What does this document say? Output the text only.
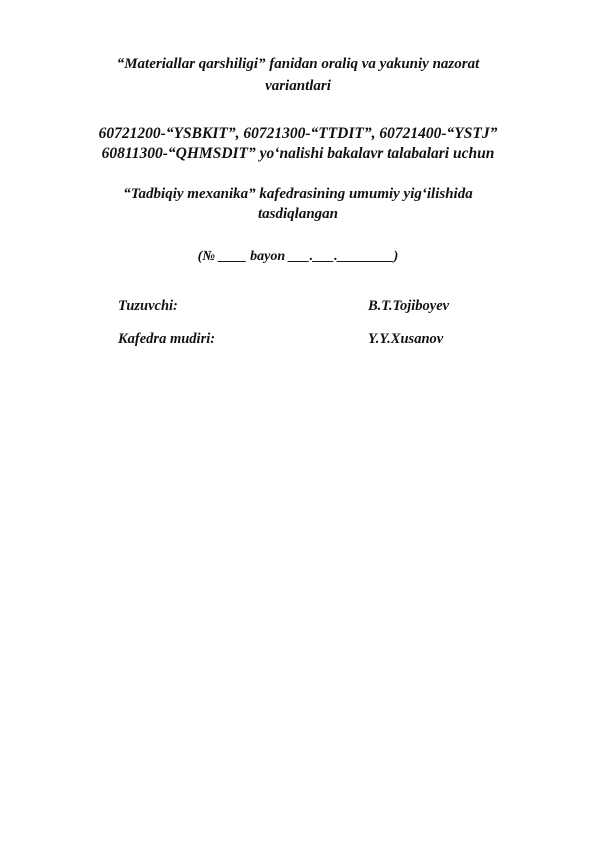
“Materiallar qarshiligi” fanidan oraliq va yakuniy nazorat
variantlari
60721200-“YSBKIT”, 60721300-“TTDIT”, 60721400-“YSTJ”
60811300-“QHMSDIT” yo‘nalishi bakalavr talabalari uchun
“Tadbiqiy mexanika” kafedrasining umumiy yig‘ilishida
tasdiqlangan
(№ ____ bayon ___.___.________)
Tuzuvchi:	B.T.Tojiboyev
Kafedra mudiri:	Y.Y.Xusanov
